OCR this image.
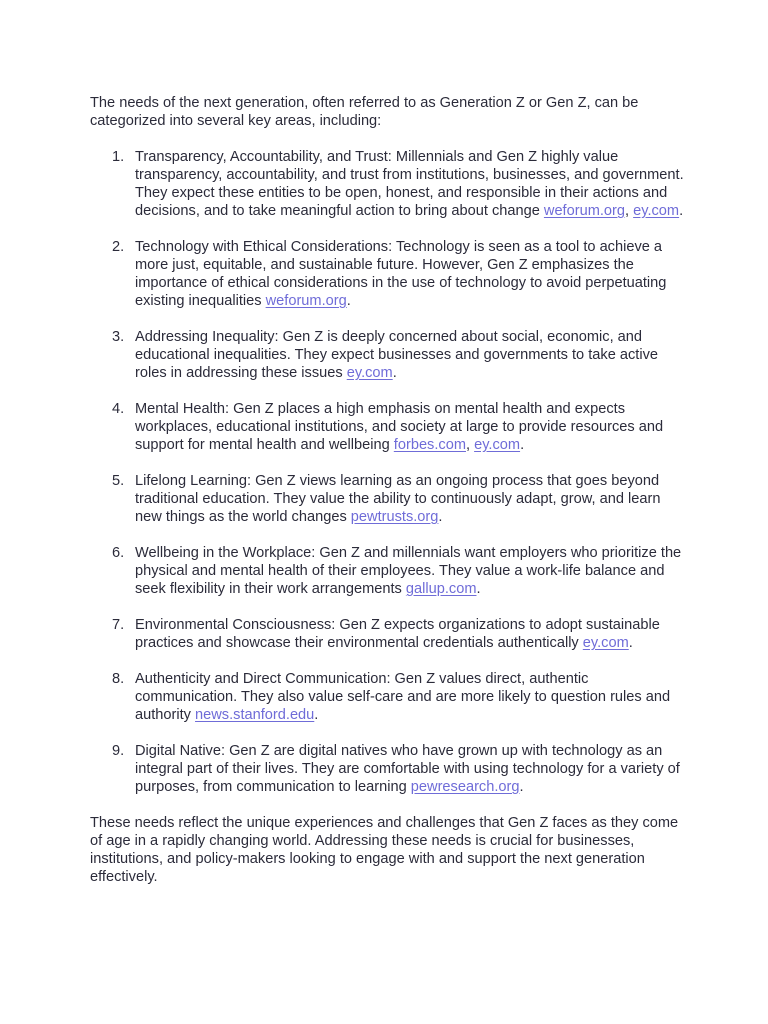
The needs of the next generation, often referred to as Generation Z or Gen Z, can be categorized into several key areas, including:

1. Transparency, Accountability, and Trust: Millennials and Gen Z highly value transparency, accountability, and trust from institutions, businesses, and government. They expect these entities to be open, honest, and responsible in their actions and decisions, and to take meaningful action to bring about change weforum.org, ey.com.
2. Technology with Ethical Considerations: Technology is seen as a tool to achieve a more just, equitable, and sustainable future. However, Gen Z emphasizes the importance of ethical considerations in the use of technology to avoid perpetuating existing inequalities weforum.org.
3. Addressing Inequality: Gen Z is deeply concerned about social, economic, and educational inequalities. They expect businesses and governments to take active roles in addressing these issues ey.com.
4. Mental Health: Gen Z places a high emphasis on mental health and expects workplaces, educational institutions, and society at large to provide resources and support for mental health and wellbeing forbes.com, ey.com.
5. Lifelong Learning: Gen Z views learning as an ongoing process that goes beyond traditional education. They value the ability to continuously adapt, grow, and learn new things as the world changes pewtrusts.org.
6. Wellbeing in the Workplace: Gen Z and millennials want employers who prioritize the physical and mental health of their employees. They value a work-life balance and seek flexibility in their work arrangements gallup.com.
7. Environmental Consciousness: Gen Z expects organizations to adopt sustainable practices and showcase their environmental credentials authentically ey.com.
8. Authenticity and Direct Communication: Gen Z values direct, authentic communication. They also value self-care and are more likely to question rules and authority news.stanford.edu.
9. Digital Native: Gen Z are digital natives who have grown up with technology as an integral part of their lives. They are comfortable with using technology for a variety of purposes, from communication to learning pewresearch.org.

These needs reflect the unique experiences and challenges that Gen Z faces as they come of age in a rapidly changing world. Addressing these needs is crucial for businesses, institutions, and policy-makers looking to engage with and support the next generation effectively.
